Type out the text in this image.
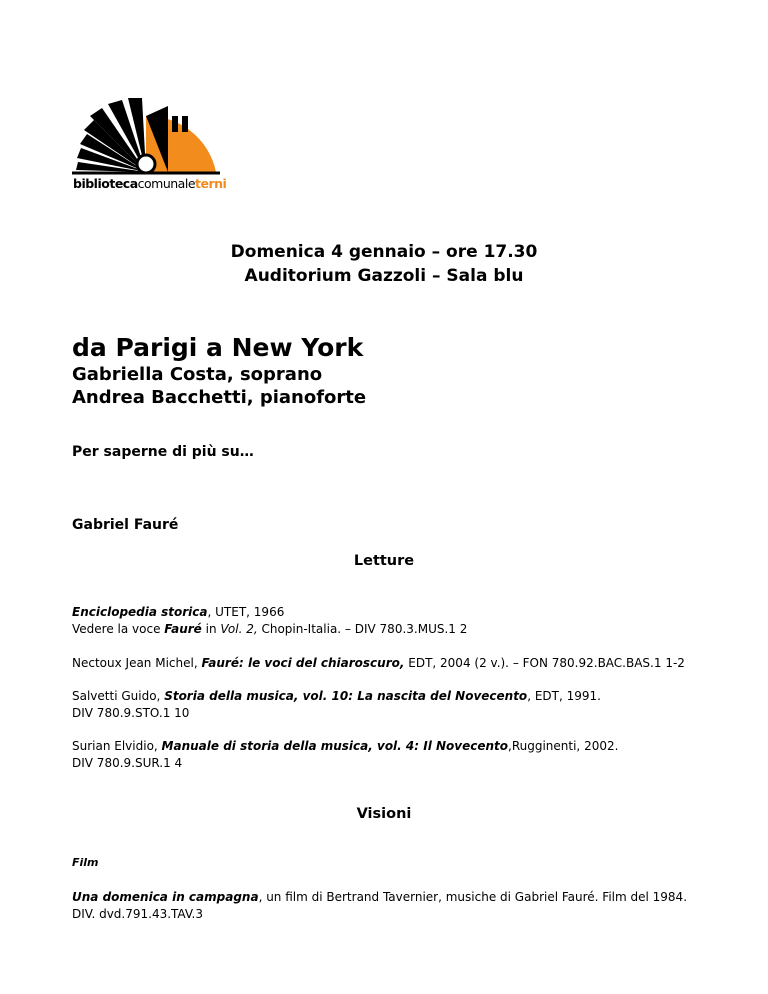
bibliotecacomunaleterni
Domenica 4 gennaio – ore 17.30
Auditorium Gazzoli – Sala blu
da Parigi a New York
Gabriella Costa, soprano
Andrea Bacchetti, pianoforte
Per saperne di più su…
Gabriel Fauré
Letture
Enciclopedia storica, UTET, 1966
Vedere la voce Fauré in Vol. 2, Chopin-Italia. – DIV 780.3.MUS.1 2
Nectoux Jean Michel, Fauré: le voci del chiaroscuro, EDT, 2004 (2 v.). – FON 780.92.BAC.BAS.1 1-2
Salvetti Guido, Storia della musica, vol. 10: La nascita del Novecento, EDT, 1991.
DIV 780.9.STO.1 10
Surian Elvidio, Manuale di storia della musica, vol. 4: Il Novecento,Rugginenti, 2002.
DIV 780.9.SUR.1 4
Visioni
Film
Una domenica in campagna, un film di Bertrand Tavernier, musiche di Gabriel Fauré. Film del 1984.
DIV. dvd.791.43.TAV.3
